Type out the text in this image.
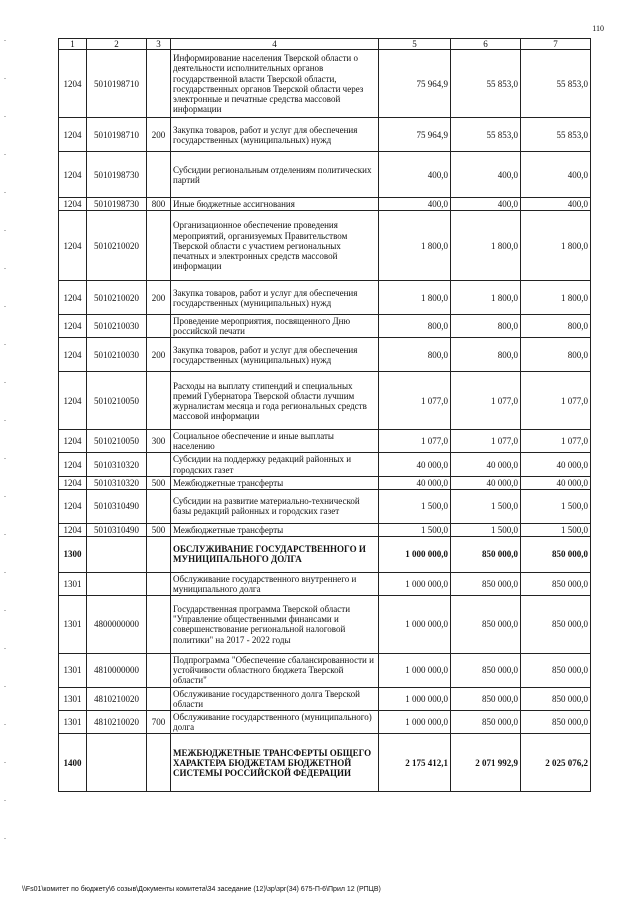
110
1	2	3	4	5	6	7
1204	5010198710		Информирование населения Тверской области о деятельности исполнительных органов государственной власти Тверской области, государственных органов Тверской области через электронные и печатные средства массовой информации	75 964,9	55 853,0	55 853,0
1204	5010198710	200	Закупка товаров, работ и услуг для обеспечения государственных (муниципальных) нужд	75 964,9	55 853,0	55 853,0
1204	5010198730		Субсидии региональным отделениям политических партий	400,0	400,0	400,0
1204	5010198730	800	Иные бюджетные ассигнования	400,0	400,0	400,0
1204	5010210020		Организационное обеспечение проведения мероприятий, организуемых Правительством Тверской области с участием региональных печатных и электронных средств массовой информации	1 800,0	1 800,0	1 800,0
1204	5010210020	200	Закупка товаров, работ и услуг для обеспечения государственных (муниципальных) нужд	1 800,0	1 800,0	1 800,0
1204	5010210030		Проведение мероприятия, посвященного Дню российской печати	800,0	800,0	800,0
1204	5010210030	200	Закупка товаров, работ и услуг для обеспечения государственных (муниципальных) нужд	800,0	800,0	800,0
1204	5010210050		Расходы на выплату стипендий и специальных премий Губернатора Тверской области лучшим журналистам месяца и года региональных средств массовой информации	1 077,0	1 077,0	1 077,0
1204	5010210050	300	Социальное обеспечение и иные выплаты населению	1 077,0	1 077,0	1 077,0
1204	5010310320		Субсидии на поддержку редакций районных и городских газет	40 000,0	40 000,0	40 000,0
1204	5010310320	500	Межбюджетные трансферты	40 000,0	40 000,0	40 000,0
1204	5010310490		Субсидии на развитие материально-технической базы редакций районных и городских газет	1 500,0	1 500,0	1 500,0
1204	5010310490	500	Межбюджетные трансферты	1 500,0	1 500,0	1 500,0
1300			ОБСЛУЖИВАНИЕ ГОСУДАРСТВЕННОГО И МУНИЦИПАЛЬНОГО ДОЛГА	1 000 000,0	850 000,0	850 000,0
1301			Обслуживание государственного внутреннего и муниципального долга	1 000 000,0	850 000,0	850 000,0
1301	4800000000		Государственная программа Тверской области "Управление общественными финансами и совершенствование региональной налоговой политики" на 2017 - 2022 годы	1 000 000,0	850 000,0	850 000,0
1301	4810000000		Подпрограмма "Обеспечение сбалансированности и устойчивости областного бюджета Тверской области"	1 000 000,0	850 000,0	850 000,0
1301	4810210020		Обслуживание государственного долга Тверской области	1 000 000,0	850 000,0	850 000,0
1301	4810210020	700	Обслуживание государственного (муниципального) долга	1 000 000,0	850 000,0	850 000,0
1400			МЕЖБЮДЖЕТНЫЕ ТРАНСФЕРТЫ ОБЩЕГО ХАРАКТЕРА БЮДЖЕТАМ БЮДЖЕТНОЙ СИСТЕМЫ РОССИЙСКОЙ ФЕДЕРАЦИИ	2 175 412,1	2 071 992,9	2 025 076,2
\\Fs01\комитет по бюджету\6 созыв\Документы комитета\34 заседание (12)\зр\зрг(34) 675-П-6\Прил 12 (РПЦВ)
